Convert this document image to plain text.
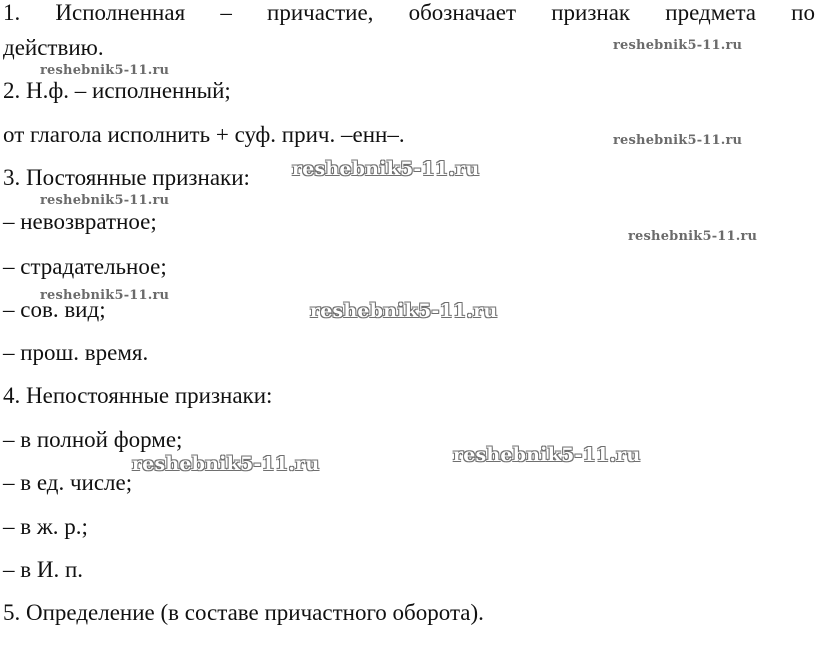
1. Исполненная – причастие, обозначает признак предмета по
действию.
2. Н.ф. – исполненный;
от глагола исполнить + суф. прич. –енн–.
3. Постоянные признаки:
– невозвратное;
– страдательное;
– сов. вид;
– прош. время.
4. Непостоянные признаки:
– в полной форме;
– в ед. числе;
– в ж. р.;
– в И. п.
5. Определение (в составе причастного оборота).
reshebnik5-11.ru
reshebnik5-11.ru
reshebnik5-11.ru
reshebnik5-11.ru
reshebnik5-11.ru
reshebnik5-11.ru
reshebnik5-11.ru
reshebnik5-11.ru
reshebnik5-11.ru
reshebnik5-11.ru
